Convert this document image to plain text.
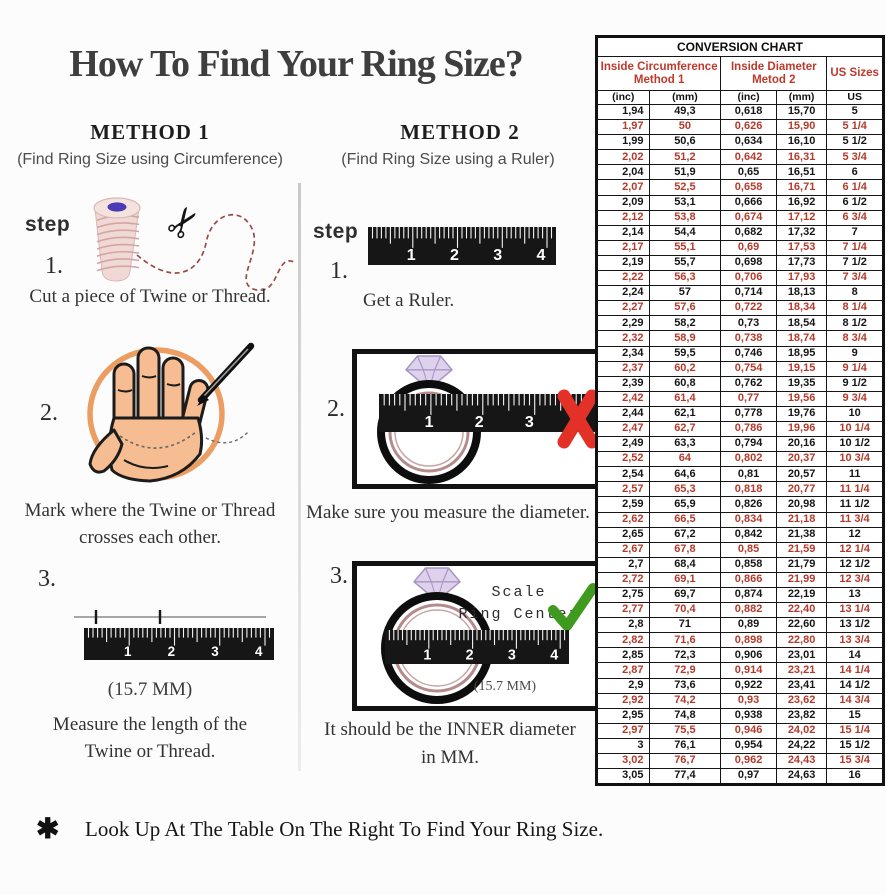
How To Find Your Ring Size?
METHOD 1
(Find Ring Size using Circumference)
METHOD 2
(Find Ring Size using a Ruler)
step ✂
1.
Cut a piece of Twine or Thread.
2.
Mark where the Twine or Thread
crosses each other.
3.
1	2	3	4
(15.7 MM)
Measure the length of the
Twine or Thread.
step
1 2 3 4
1.
Get a Ruler.
2.
1	2	3
Make sure you measure the diameter.
3.
Scale
Ring Center
1 2 3 4
(15.7 MM)
It should be the INNER diameter
in MM.
✱ Look Up At The Table On The Right To Find Your Ring Size.
CONVERSION CHART				
Inside Circumference
Method 1		Inside Diameter
Metod 2		US Sizes
(inc)	(mm)	(inc)	(mm)	US
1,94	49,3	0,618	15,70	5
1,97	50	0,626	15,90	5 1/4
1,99	50,6	0,634	16,10	5 1/2
2,02	51,2	0,642	16,31	5 3/4
2,04	51,9	0,65	16,51	6
2,07	52,5	0,658	16,71	6 1/4
2,09	53,1	0,666	16,92	6 1/2
2,12	53,8	0,674	17,12	6 3/4
2,14	54,4	0,682	17,32	7
2,17	55,1	0,69	17,53	7 1/4
2,19	55,7	0,698	17,73	7 1/2
2,22	56,3	0,706	17,93	7 3/4
2,24	57	0,714	18,13	8
2,27	57,6	0,722	18,34	8 1/4
2,29	58,2	0,73	18,54	8 1/2
2,32	58,9	0,738	18,74	8 3/4
2,34	59,5	0,746	18,95	9
2,37	60,2	0,754	19,15	9 1/4
2,39	60,8	0,762	19,35	9 1/2
2,42	61,4	0,77	19,56	9 3/4
2,44	62,1	0,778	19,76	10
2,47	62,7	0,786	19,96	10 1/4
2,49	63,3	0,794	20,16	10 1/2
2,52	64	0,802	20,37	10 3/4
2,54	64,6	0,81	20,57	11
2,57	65,3	0,818	20,77	11 1/4
2,59	65,9	0,826	20,98	11 1/2
2,62	66,5	0,834	21,18	11 3/4
2,65	67,2	0,842	21,38	12
2,67	67,8	0,85	21,59	12 1/4
2,7	68,4	0,858	21,79	12 1/2
2,72	69,1	0,866	21,99	12 3/4
2,75	69,7	0,874	22,19	13
2,77	70,4	0,882	22,40	13 1/4
2,8	71	0,89	22,60	13 1/2
2,82	71,6	0,898	22,80	13 3/4
2,85	72,3	0,906	23,01	14
2,87	72,9	0,914	23,21	14 1/4
2,9	73,6	0,922	23,41	14 1/2
2,92	74,2	0,93	23,62	14 3/4
2,95	74,8	0,938	23,82	15
2,97	75,5	0,946	24,02	15 1/4
3	76,1	0,954	24,22	15 1/2
3,02	76,7	0,962	24,43	15 3/4
3,05	77,4	0,97	24,63	16
